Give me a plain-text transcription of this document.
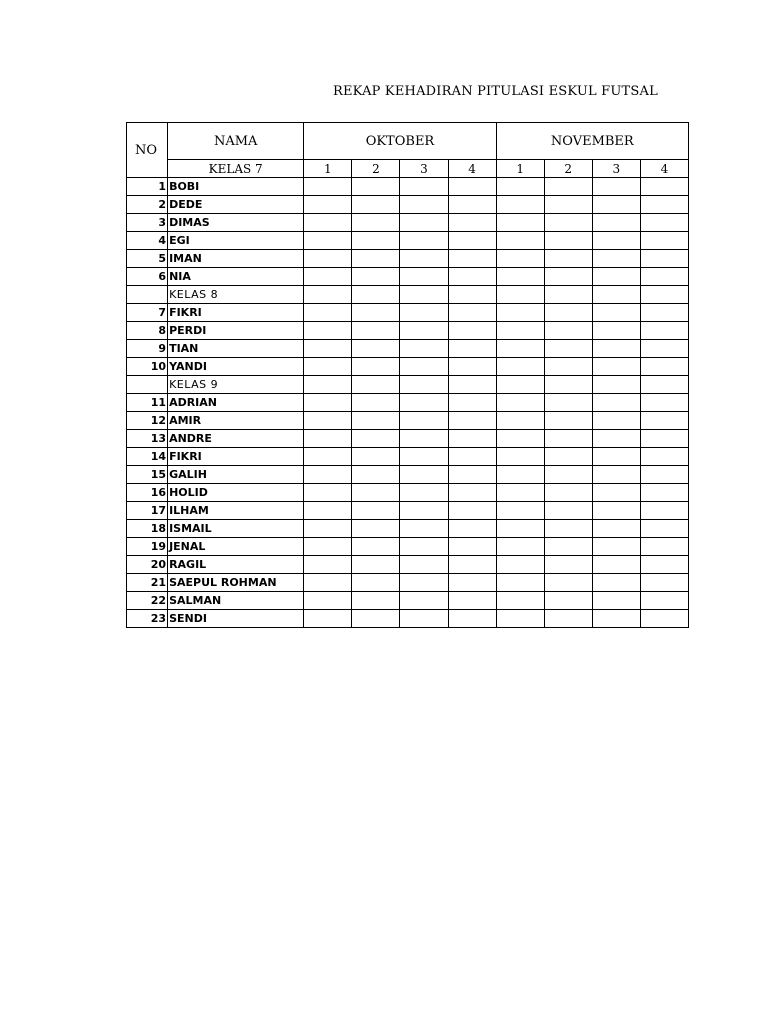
REKAP KEHADIRAN PITULASI ESKUL FUTSAL
NO	NAMA	OKTOBER				NOVEMBER			
	KELAS 7	1	2	3	4	1	2	3	4
1	BOBI								
2	DEDE								
3	DIMAS								
4	EGI								
5	IMAN								
6	NIA								
	KELAS 8								
7	FIKRI								
8	PERDI								
9	TIAN								
10	YANDI								
	KELAS 9								
11	ADRIAN								
12	AMIR								
13	ANDRE								
14	FIKRI								
15	GALIH								
16	HOLID								
17	ILHAM								
18	ISMAIL								
19	JENAL								
20	RAGIL								
21	SAEPUL ROHMAN								
22	SALMAN								
23	SENDI								
